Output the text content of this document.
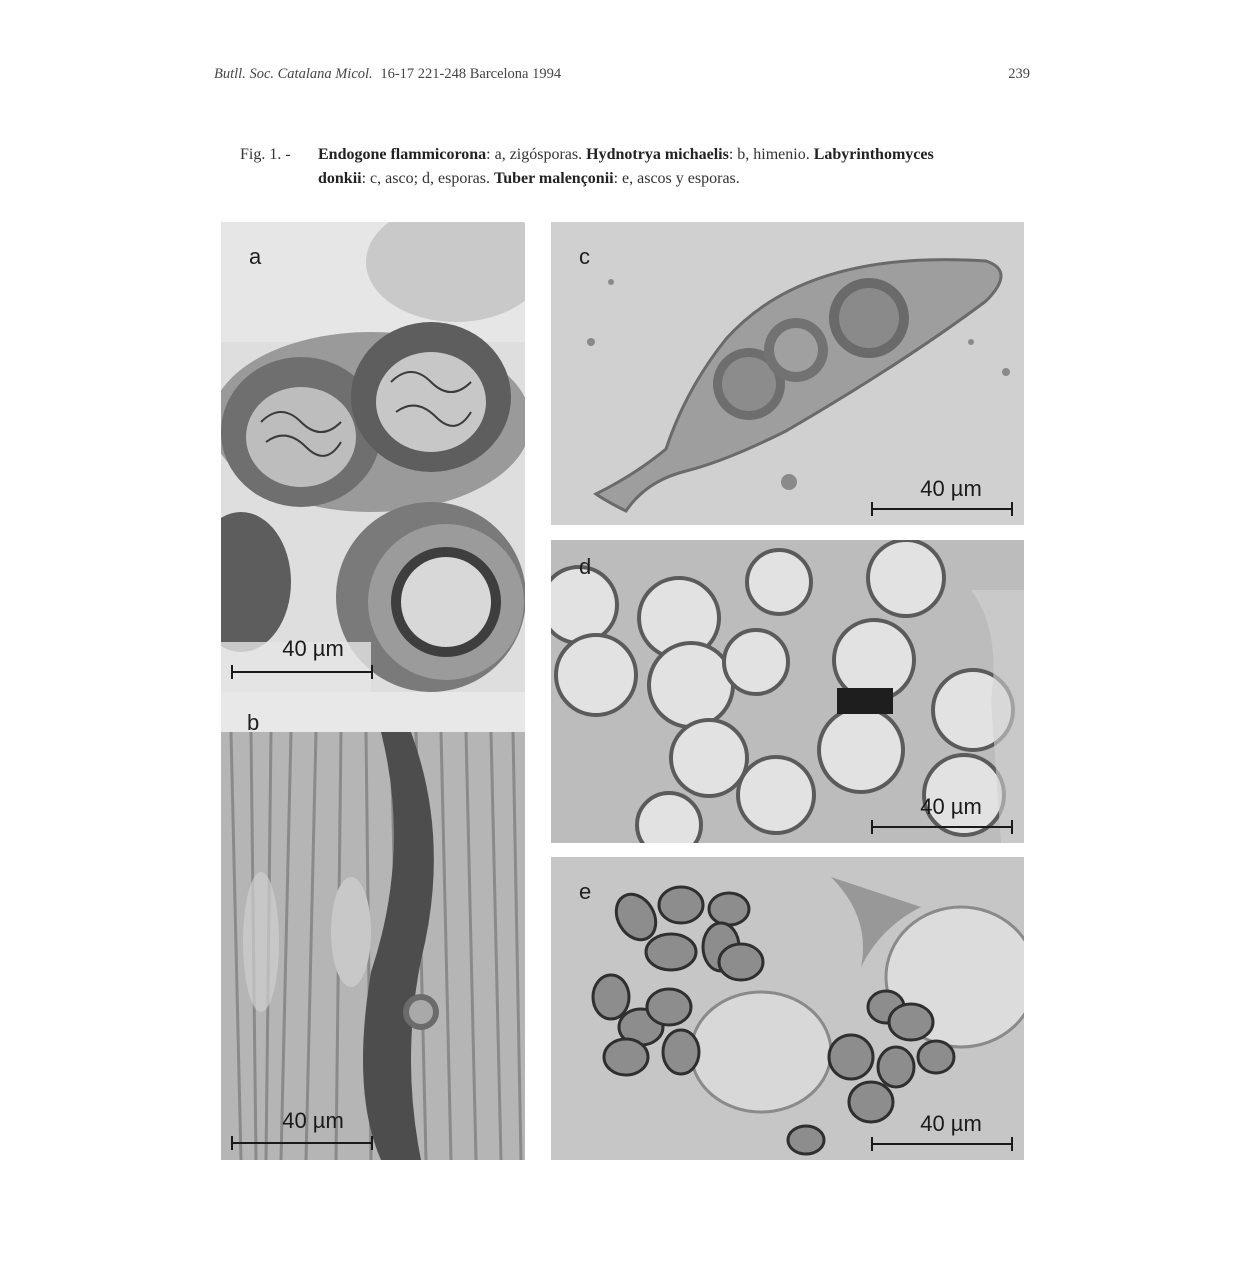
Butll. Soc. Catalana Micol. 16-17 221-248 Barcelona 1994	239
Fig. 1. - Endogone flammicorona: a, zigósporas. Hydnotrya michaelis: b, himenio. Labyrinthomyces
donkii: c, asco; d, esporas. Tuber malençonii: e, ascos y esporas.
a
40 µm
b
40 µm
c
40 µm
d
40 µm
e
40 µm
